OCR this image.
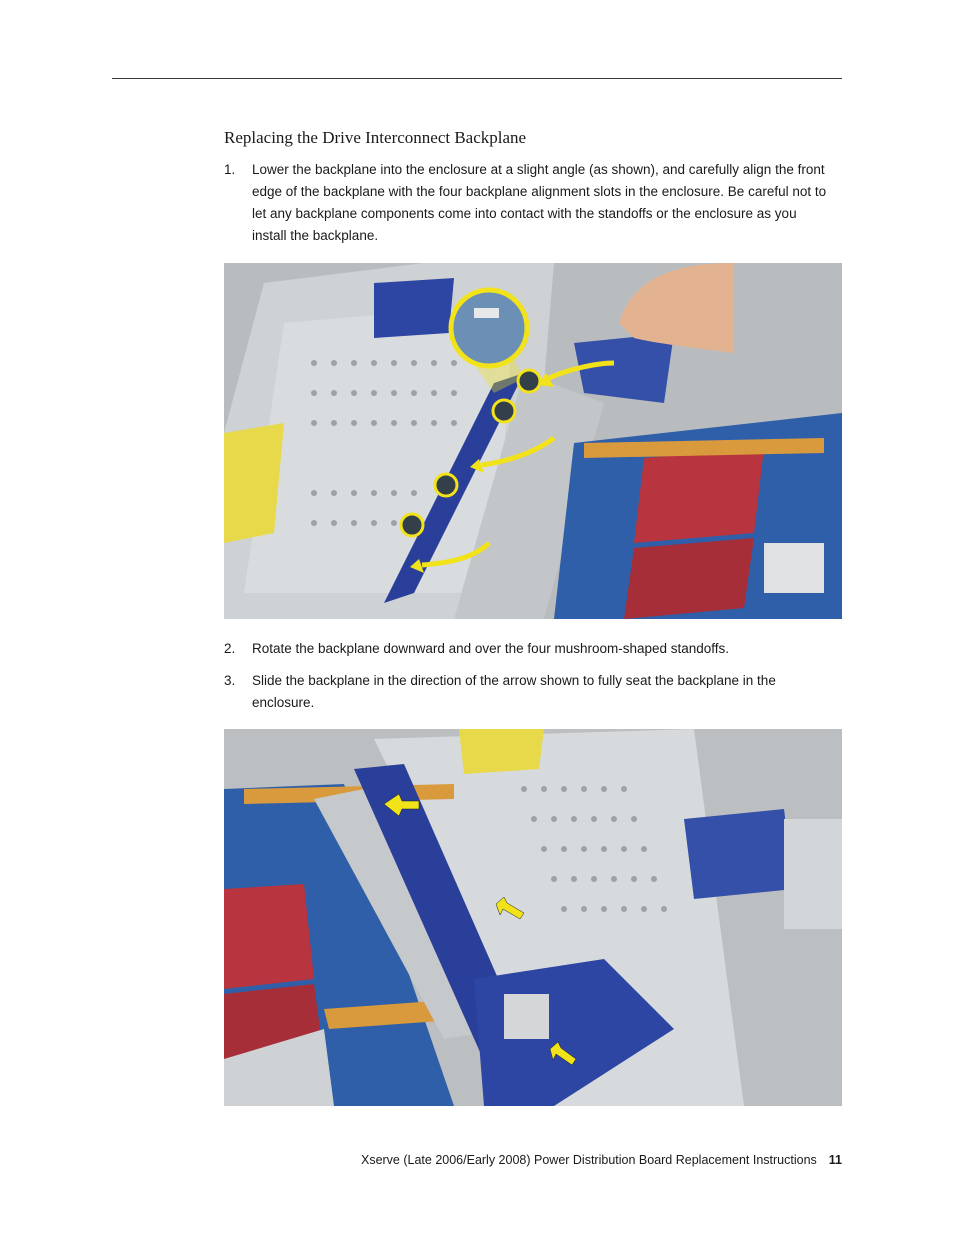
Replacing the Drive Interconnect Backplane
1.	Lower the backplane into the enclosure at a slight angle (as shown), and carefully align the front edge of the backplane with the four backplane alignment slots in the enclosure. Be careful not to let any backplane components come into contact with the standoffs or the enclosure as you install the backplane.
2.	Rotate the backplane downward and over the four mushroom-shaped standoffs.
3.	Slide the backplane in the direction of the arrow shown to fully seat the backplane in the enclosure.
Xserve (Late 2006/Early 2008) Power Distribution Board Replacement Instructions 11
